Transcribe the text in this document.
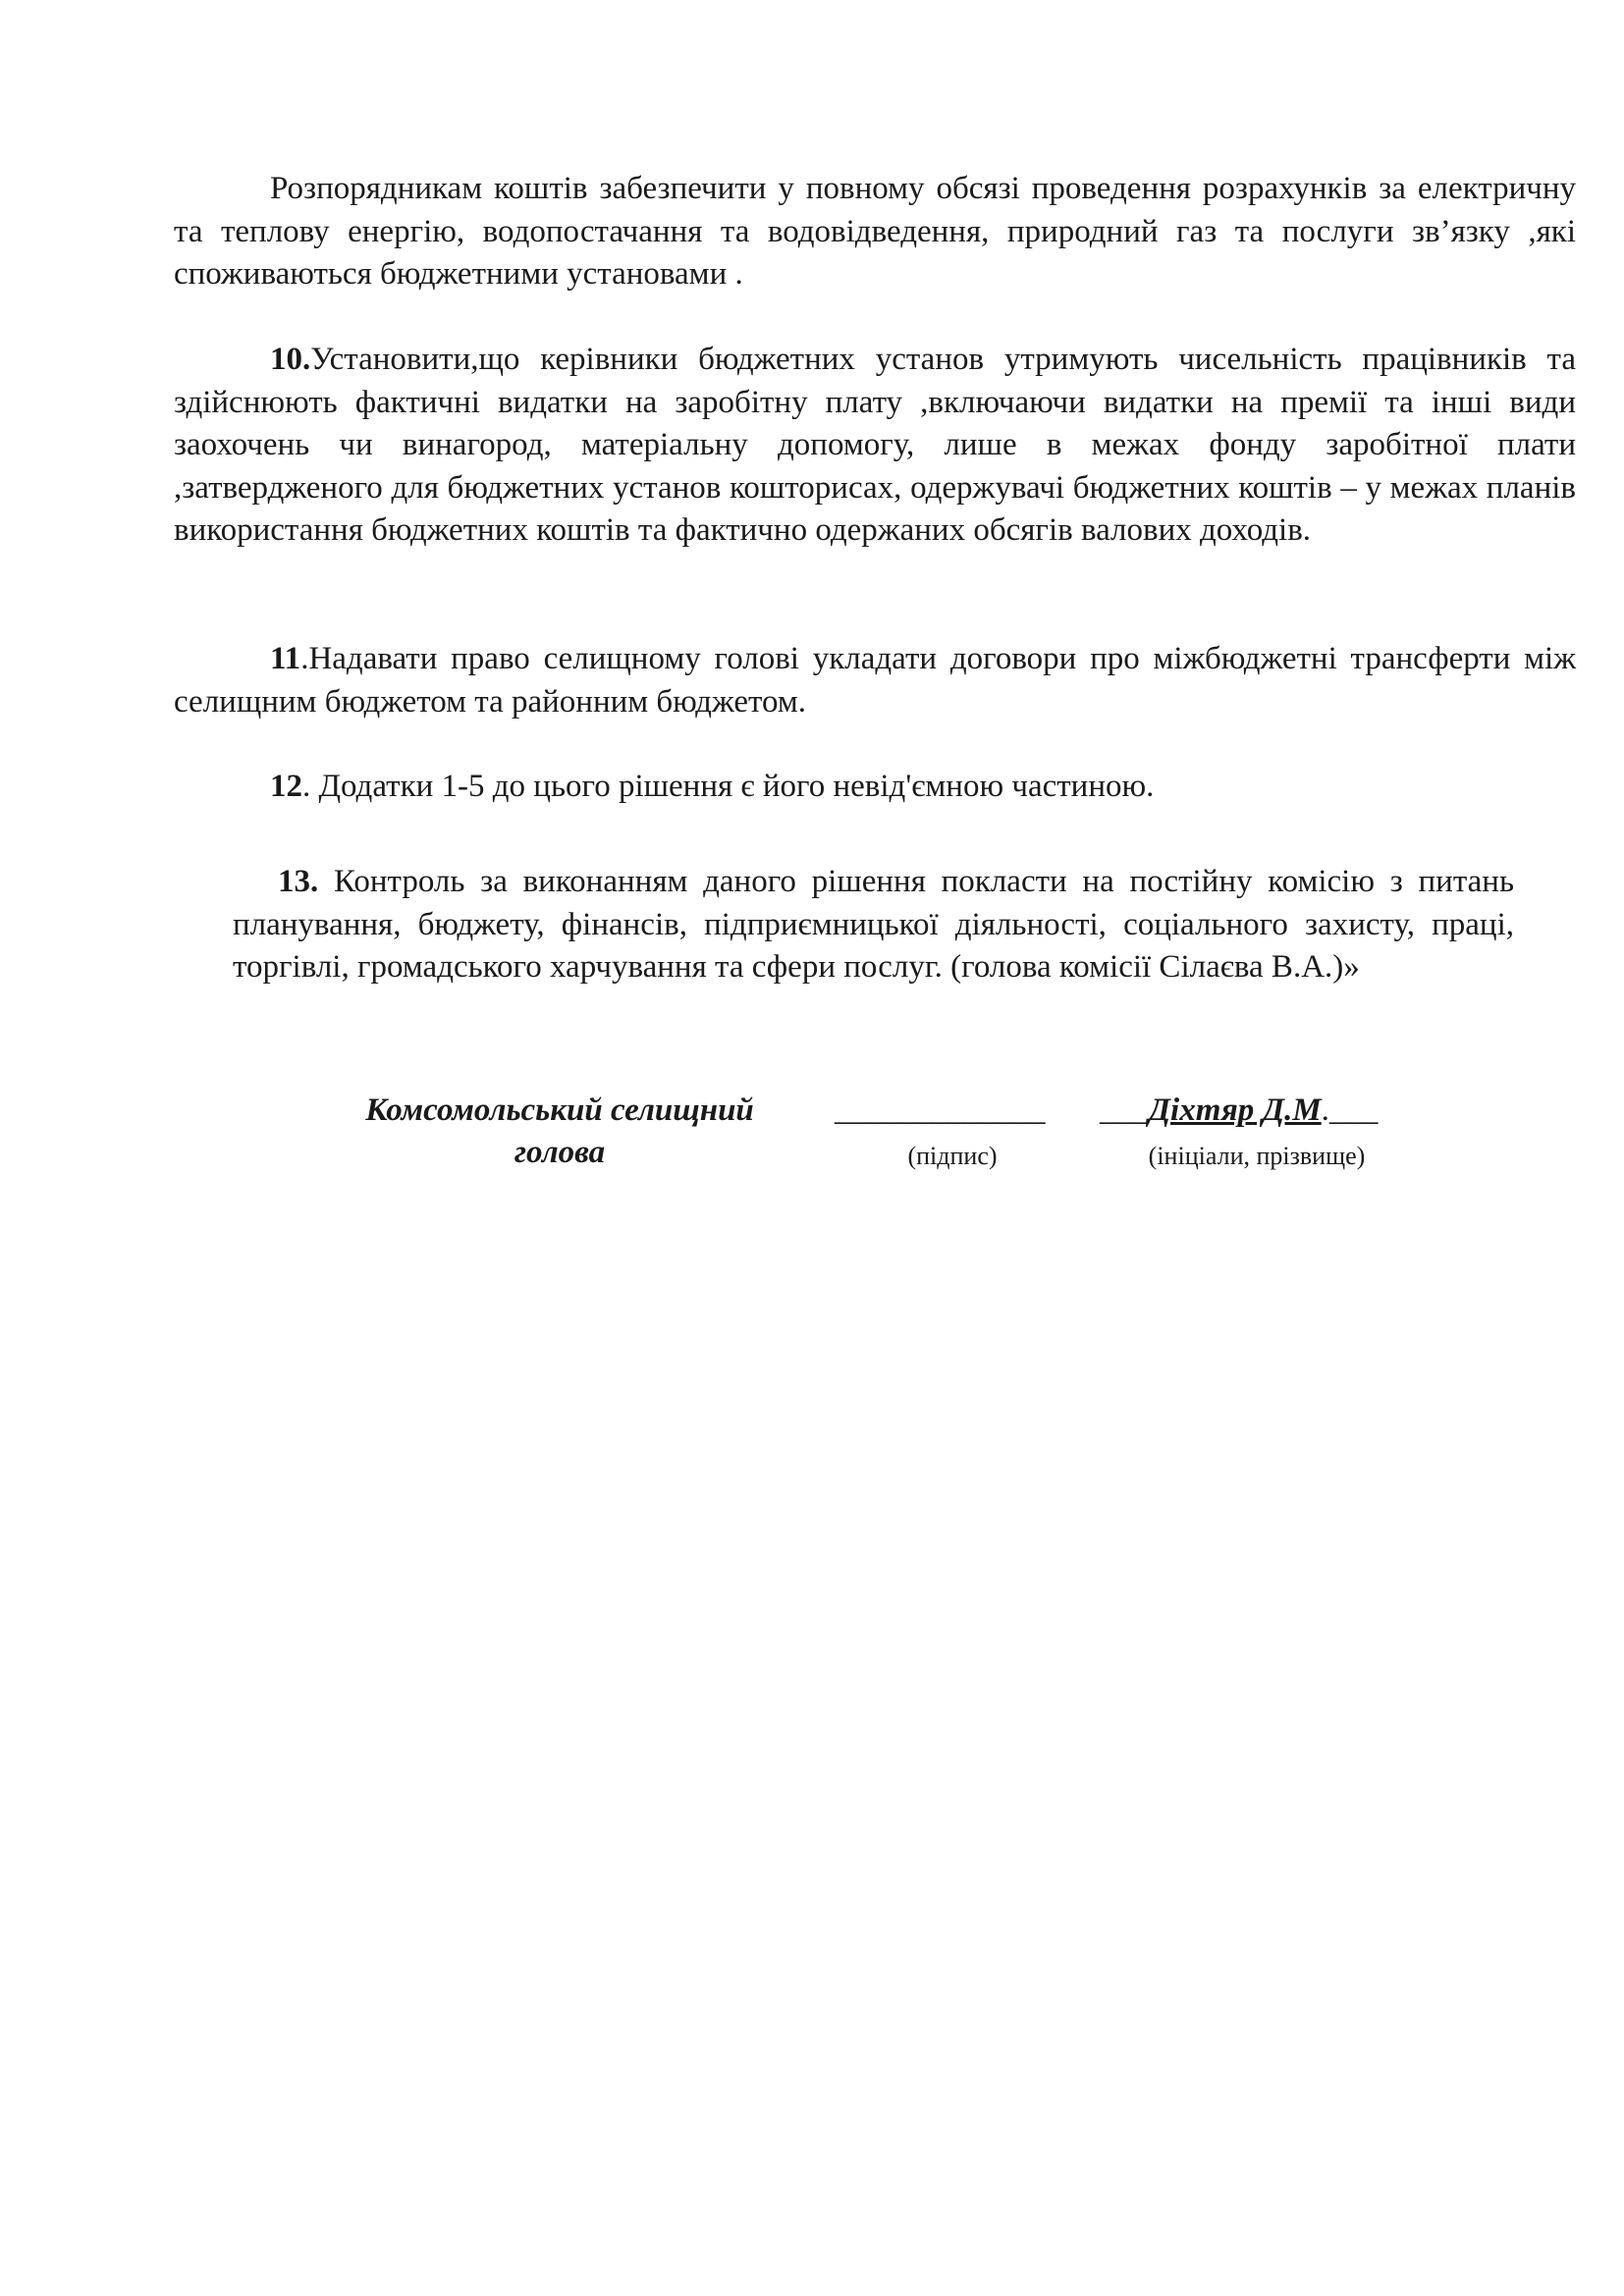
Розпорядникам коштів забезпечити у повному обсязі проведення розрахунків за електричну та теплову енергію, водопостачання та водовідведення, природний газ та послуги зв’язку ,які споживаються бюджетними установами .

10.Установити,що керівники бюджетних установ утримують чисельність працівників та здійснюють фактичні видатки на заробітну плату ,включаючи видатки на премії та інші види заохочень чи винагород, матеріальну допомогу, лише в межах фонду заробітної плати ,затвердженого для бюджетних установ кошторисах, одержувачі бюджетних коштів – у межах планів використання бюджетних коштів та фактично одержаних обсягів валових доходів.

11.Надавати право селищному голові укладати договори про міжбюджетні трансферти між селищним бюджетом та районним бюджетом.

12. Додатки 1-5 до цього рішення є його невід'ємною частиною.

13. Контроль за виконанням даного рішення покласти на постійну комісію з питань планування, бюджету, фінансів, підприємницької діяльності, соціального захисту, праці, торгівлі, громадського харчування та сфери послуг. (голова комісії Сілаєва В.А.)»

Комсомольський селищний
голова
_____________
(підпис)
___Діхтяр Д.М.___
(ініціали, прізвище)
